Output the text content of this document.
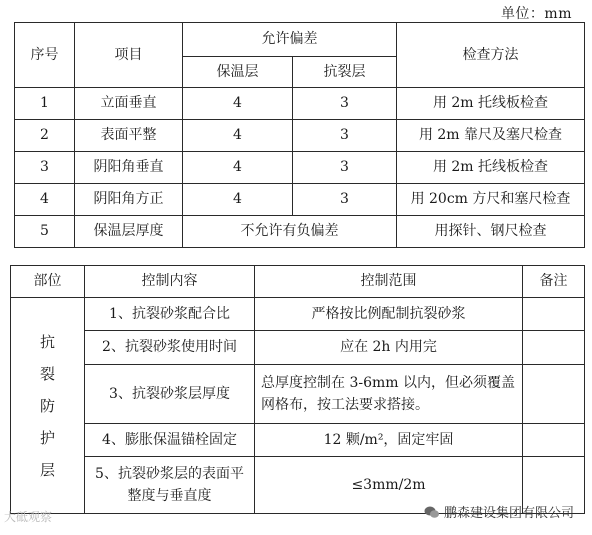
单位：mm
序号	项目	允许偏差		检查方法
		保温层	抗裂层	
1	立面垂直	4	3	用 2m 托线板检查
2	表面平整	4	3	用 2m 靠尺及塞尺检查
3	阴阳角垂直	4	3	用 2m 托线板检查
4	阴阳角方正	4	3	用 20cm 方尺和塞尺检查
5	保温层厚度	不允许有负偏差		用探针、钢尺检查
部位	控制内容	控制范围	备注

抗
裂
防
护
层	1、抗裂砂浆配合比	严格按比例配制抗裂砂浆	
	2、抗裂砂浆使用时间	应在 2h 内用完	
	3、抗裂砂浆层厚度	总厚度控制在 3-6mm 以内，但必须覆盖网格布，按工法要求搭接。	
	4、膨胀保温锚栓固定	12 颗/m²，固定牢固	
	5、抗裂砂浆层的表面平整度与垂直度	≤3mm/2m	
大砥观察	鹏森建设集团有限公司
